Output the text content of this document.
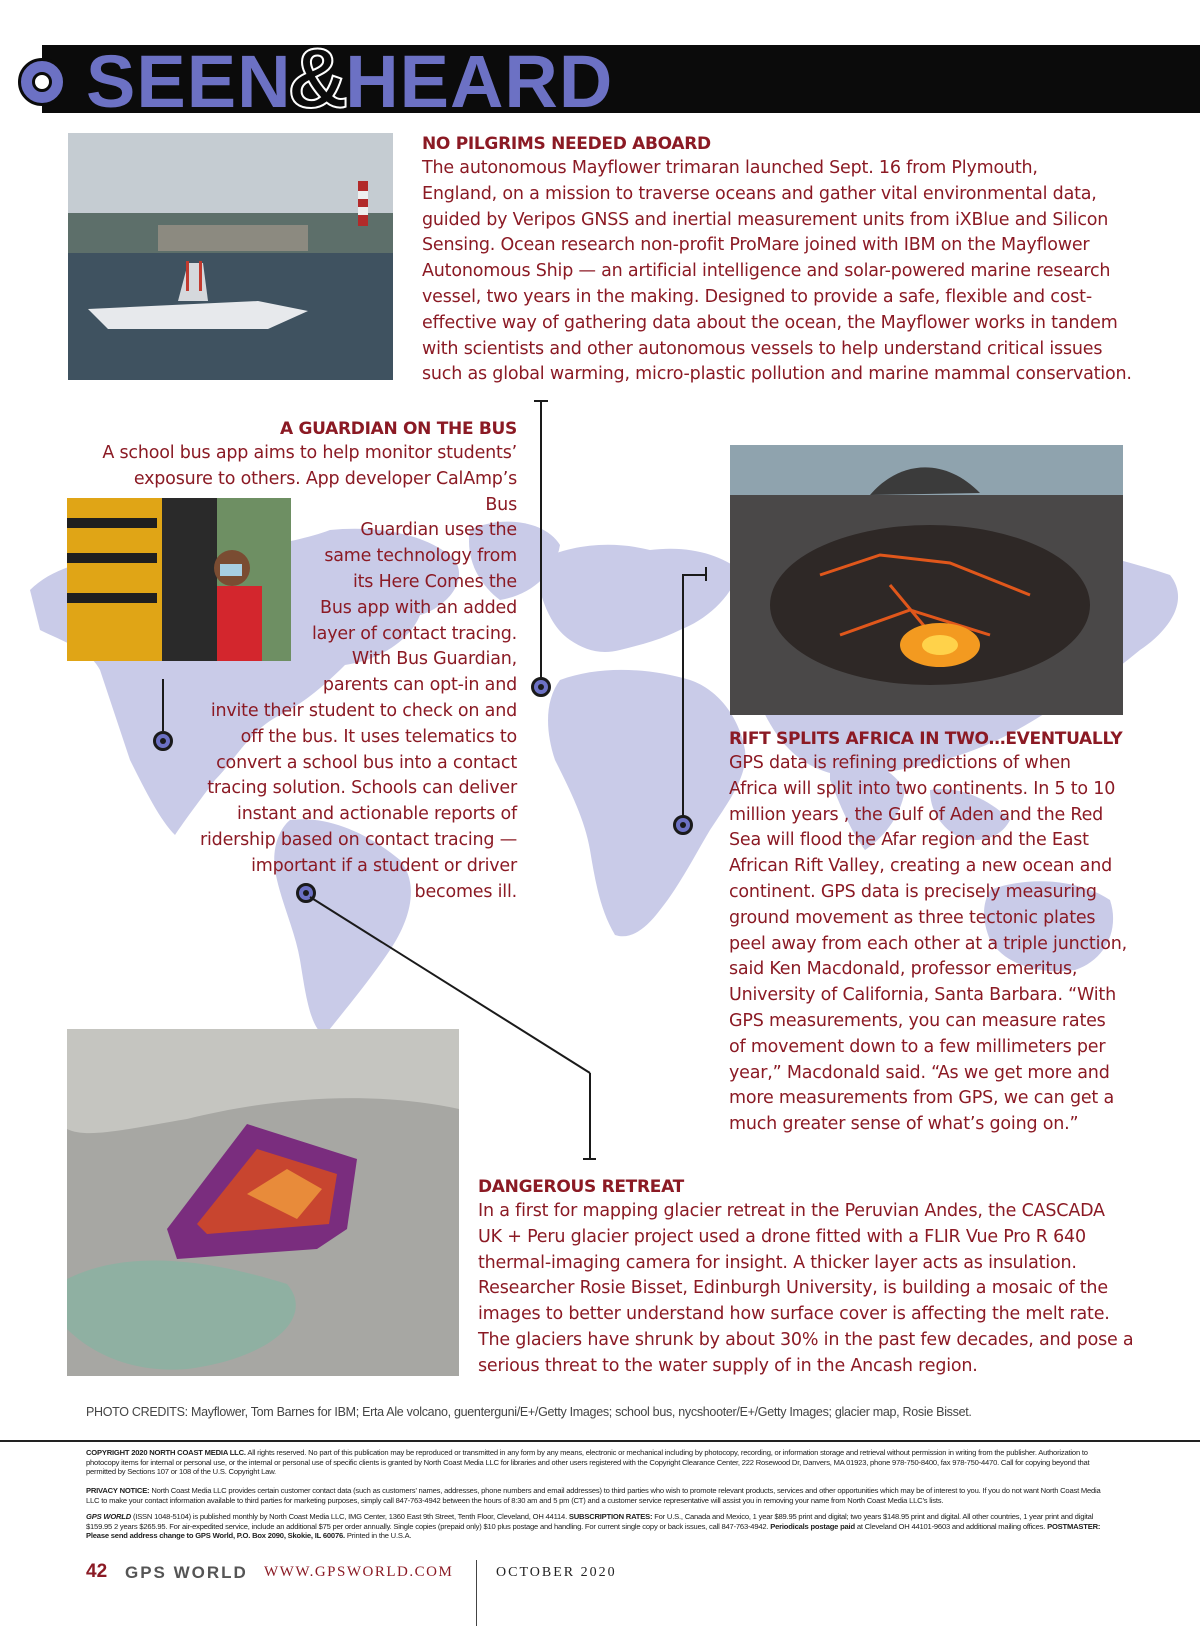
SEEN&HEARD
NO PILGRIMS NEEDED ABOARD
The autonomous Mayflower trimaran launched Sept. 16 from Plymouth,
England, on a mission to traverse oceans and gather vital environmental data,
guided by Veripos GNSS and inertial measurement units from iXBlue and Silicon
Sensing. Ocean research non-profit ProMare joined with IBM on the Mayflower
Autonomous Ship — an artificial intelligence and solar-powered marine research
vessel, two years in the making. Designed to provide a safe, flexible and cost-
effective way of gathering data about the ocean, the Mayflower works in tandem
with scientists and other autonomous vessels to help understand critical issues
such as global warming, micro-plastic pollution and marine mammal conservation.
A GUARDIAN ON THE BUS
A school bus app aims to help monitor students’
exposure to others. App developer CalAmp’s Bus
Guardian uses the
same technology from
its Here Comes the
Bus app with an added
layer of contact tracing.
With Bus Guardian,
parents can opt-in and
invite their student to check on and
off the bus. It uses telematics to
convert a school bus into a contact
tracing solution. Schools can deliver
instant and actionable reports of
ridership based on contact tracing —
important if a student or driver
becomes ill.
RIFT SPLITS AFRICA IN TWO…EVENTUALLY
GPS data is refining predictions of when
Africa will split into two continents. In 5 to 10
million years , the Gulf of Aden and the Red
Sea will flood the Afar region and the East
African Rift Valley, creating a new ocean and
continent. GPS data is precisely measuring
ground movement as three tectonic plates
peel away from each other at a triple junction,
said Ken Macdonald, professor emeritus,
University of California, Santa Barbara. “With
GPS measurements, you can measure rates
of movement down to a few millimeters per
year,” Macdonald said. “As we get more and
more measurements from GPS, we can get a
much greater sense of what’s going on.”
DANGEROUS RETREAT
In a first for mapping glacier retreat in the Peruvian Andes, the CASCADA
UK + Peru glacier project used a drone fitted with a FLIR Vue Pro R 640
thermal-imaging camera for insight. A thicker layer acts as insulation.
Researcher Rosie Bisset, Edinburgh University, is building a mosaic of the
images to better understand how surface cover is affecting the melt rate.
The glaciers have shrunk by about 30% in the past few decades, and pose a
serious threat to the water supply of in the Ancash region.
PHOTO CREDITS: Mayflower, Tom Barnes for IBM; Erta Ale volcano, guenterguni/E+/Getty Images; school bus, nycshooter/E+/Getty Images; glacier map, Rosie Bisset.
COPYRIGHT 2020 NORTH COAST MEDIA LLC. All rights reserved. No part of this publication may be reproduced or transmitted in any form by any means, electronic or mechanical including by photocopy, recording, or information storage and retrieval without permission in writing from the publisher. Authorization to photocopy items for internal or personal use, or the internal or personal use of specific clients is granted by North Coast Media LLC for libraries and other users registered with the Copyright Clearance Center, 222 Rosewood Dr, Danvers, MA 01923, phone 978-750-8400, fax 978-750-4470. Call for copying beyond that permitted by Sections 107 or 108 of the U.S. Copyright Law.
PRIVACY NOTICE: North Coast Media LLC provides certain customer contact data (such as customers’ names, addresses, phone numbers and email addresses) to third parties who wish to promote relevant products, services and other opportunities which may be of interest to you. If you do not want North Coast Media LLC to make your contact information available to third parties for marketing purposes, simply call 847-763-4942 between the hours of 8:30 am and 5 pm (CT) and a customer service representative will assist you in removing your name from North Coast Media LLC’s lists.
GPS WORLD (ISSN 1048-5104) is published monthly by North Coast Media LLC, IMG Center, 1360 East 9th Street, Tenth Floor, Cleveland, OH 44114. SUBSCRIPTION RATES: For U.S., Canada and Mexico, 1 year $89.95 print and digital; two years $148.95 print and digital. All other countries, 1 year print and digital $159.95 2 years $265.95. For air-expedited service, include an additional $75 per order annually. Single copies (prepaid only) $10 plus postage and handling. For current single copy or back issues, call 847-763-4942. Periodicals postage paid at Cleveland OH 44101-9603 and additional mailing offices. POSTMASTER: Please send address change to GPS World, P.O. Box 2090, Skokie, IL 60076. Printed in the U.S.A.
42 GPS WORLD WWW.GPSWORLD.COM	OCTOBER 2020
